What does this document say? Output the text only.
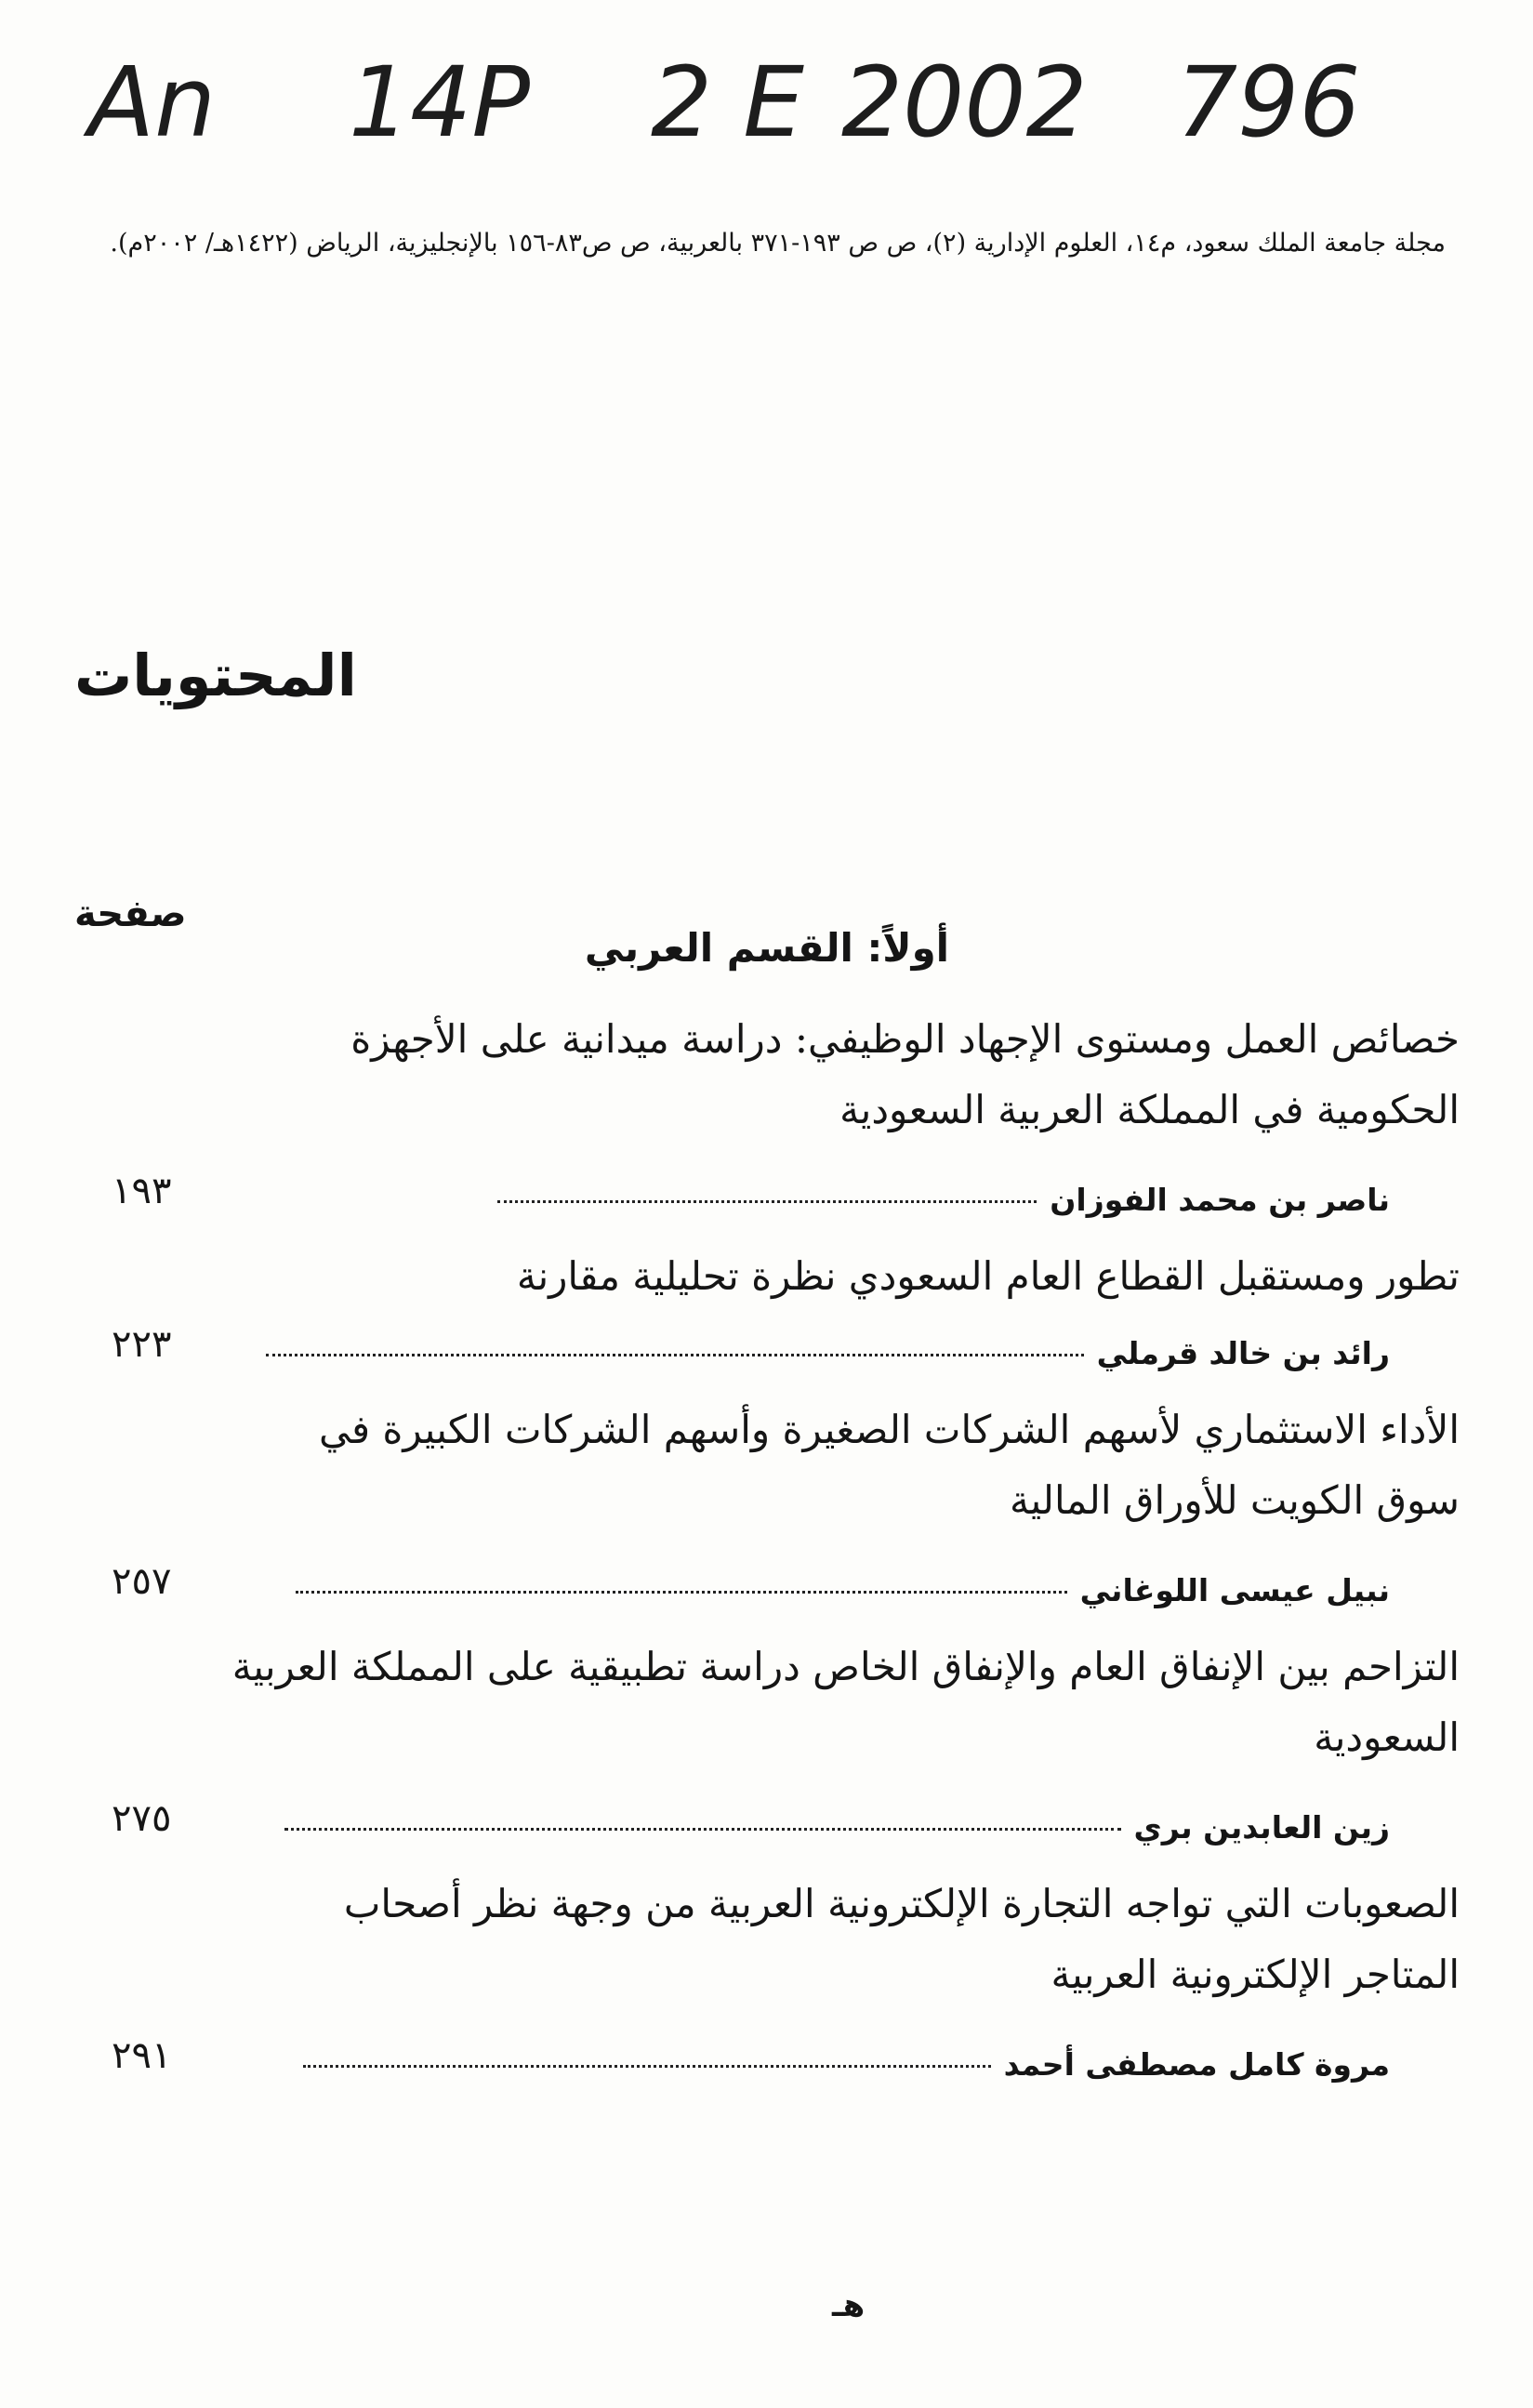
An 14P 2 E 2002 796
مجلة جامعة الملك سعود، م١٤، العلوم الإدارية (٢)، ص ص ١٩٣-٣٧١ بالعربية، ص ص٨٣-١٥٦ بالإنجليزية، الرياض (١٤٢٢هـ/ ٢٠٠٢م).
المحتويات
صفحة
أولاً: القسم العربي
خصائص العمل ومستوى الإجهاد الوظيفي: دراسة ميدانية على الأجهزة
الحكومية في المملكة العربية السعودية
ناصر بن محمد الفوزان
١٩٣
تطور ومستقبل القطاع العام السعودي نظرة تحليلية مقارنة
رائد بن خالد قرملي
٢٢٣
الأداء الاستثماري لأسهم الشركات الصغيرة وأسهم الشركات الكبيرة في
سوق الكويت للأوراق المالية
نبيل عيسى اللوغاني
٢٥٧
التزاحم بين الإنفاق العام والإنفاق الخاص دراسة تطبيقية على المملكة العربية
السعودية
زين العابدين بري
٢٧٥
الصعوبات التي تواجه التجارة الإلكترونية العربية من وجهة نظر أصحاب
المتاجر الإلكترونية العربية
مروة كامل مصطفى أحمد
٢٩١
هـ
